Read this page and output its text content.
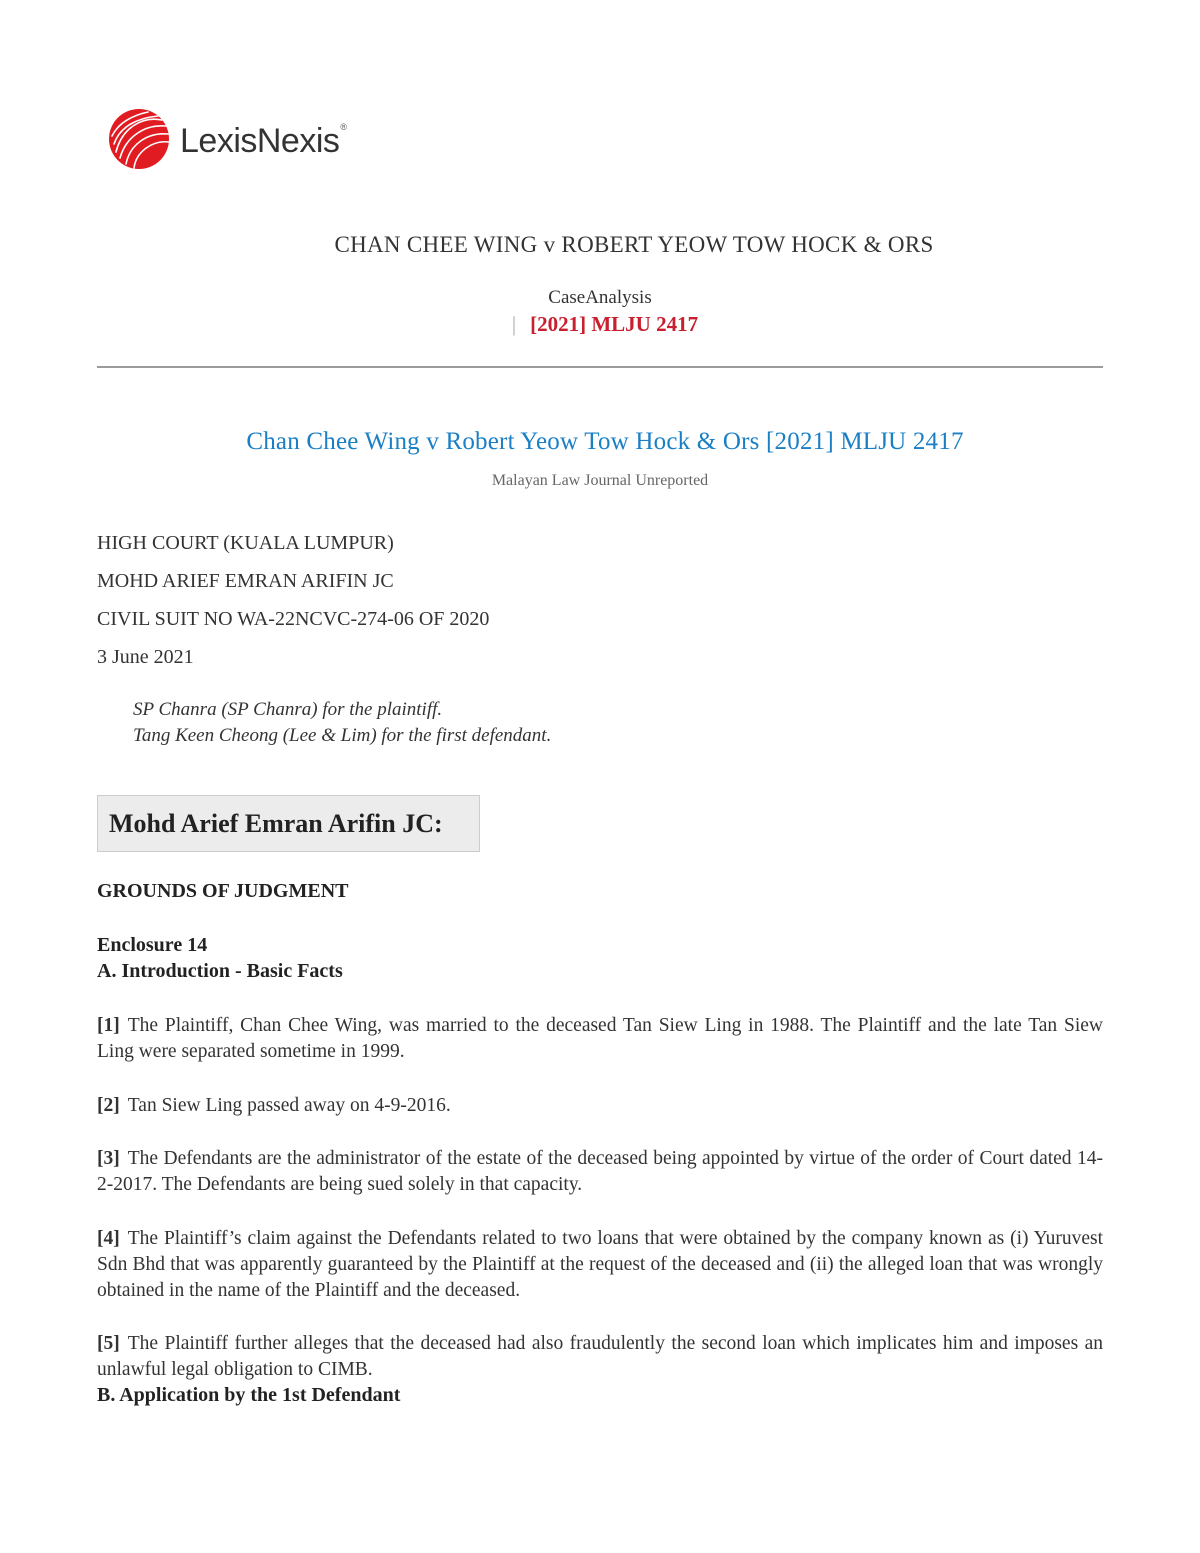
LexisNexis®
CHAN CHEE WING v ROBERT YEOW TOW HOCK & ORS
CaseAnalysis
| [2021] MLJU 2417
Chan Chee Wing v Robert Yeow Tow Hock & Ors [2021] MLJU 2417
Malayan Law Journal Unreported
HIGH COURT (KUALA LUMPUR)
MOHD ARIEF EMRAN ARIFIN JC
CIVIL SUIT NO WA-22NCVC-274-06 OF 2020
3 June 2021
SP Chanra (SP Chanra) for the plaintiff.
Tang Keen Cheong (Lee & Lim) for the first defendant.
Mohd Arief Emran Arifin JC:
GROUNDS OF JUDGMENT
Enclosure 14
A. Introduction - Basic Facts
[1] The Plaintiff, Chan Chee Wing, was married to the deceased Tan Siew Ling in 1988. The Plaintiff and the late Tan Siew Ling were separated sometime in 1999.
[2] Tan Siew Ling passed away on 4-9-2016.
[3] The Defendants are the administrator of the estate of the deceased being appointed by virtue of the order of Court dated 14-2-2017. The Defendants are being sued solely in that capacity.
[4] The Plaintiff’s claim against the Defendants related to two loans that were obtained by the company known as (i) Yuruvest Sdn Bhd that was apparently guaranteed by the Plaintiff at the request of the deceased and (ii) the alleged loan that was wrongly obtained in the name of the Plaintiff and the deceased.
[5] The Plaintiff further alleges that the deceased had also fraudulently the second loan which implicates him and imposes an unlawful legal obligation to CIMB.
B. Application by the 1st Defendant
